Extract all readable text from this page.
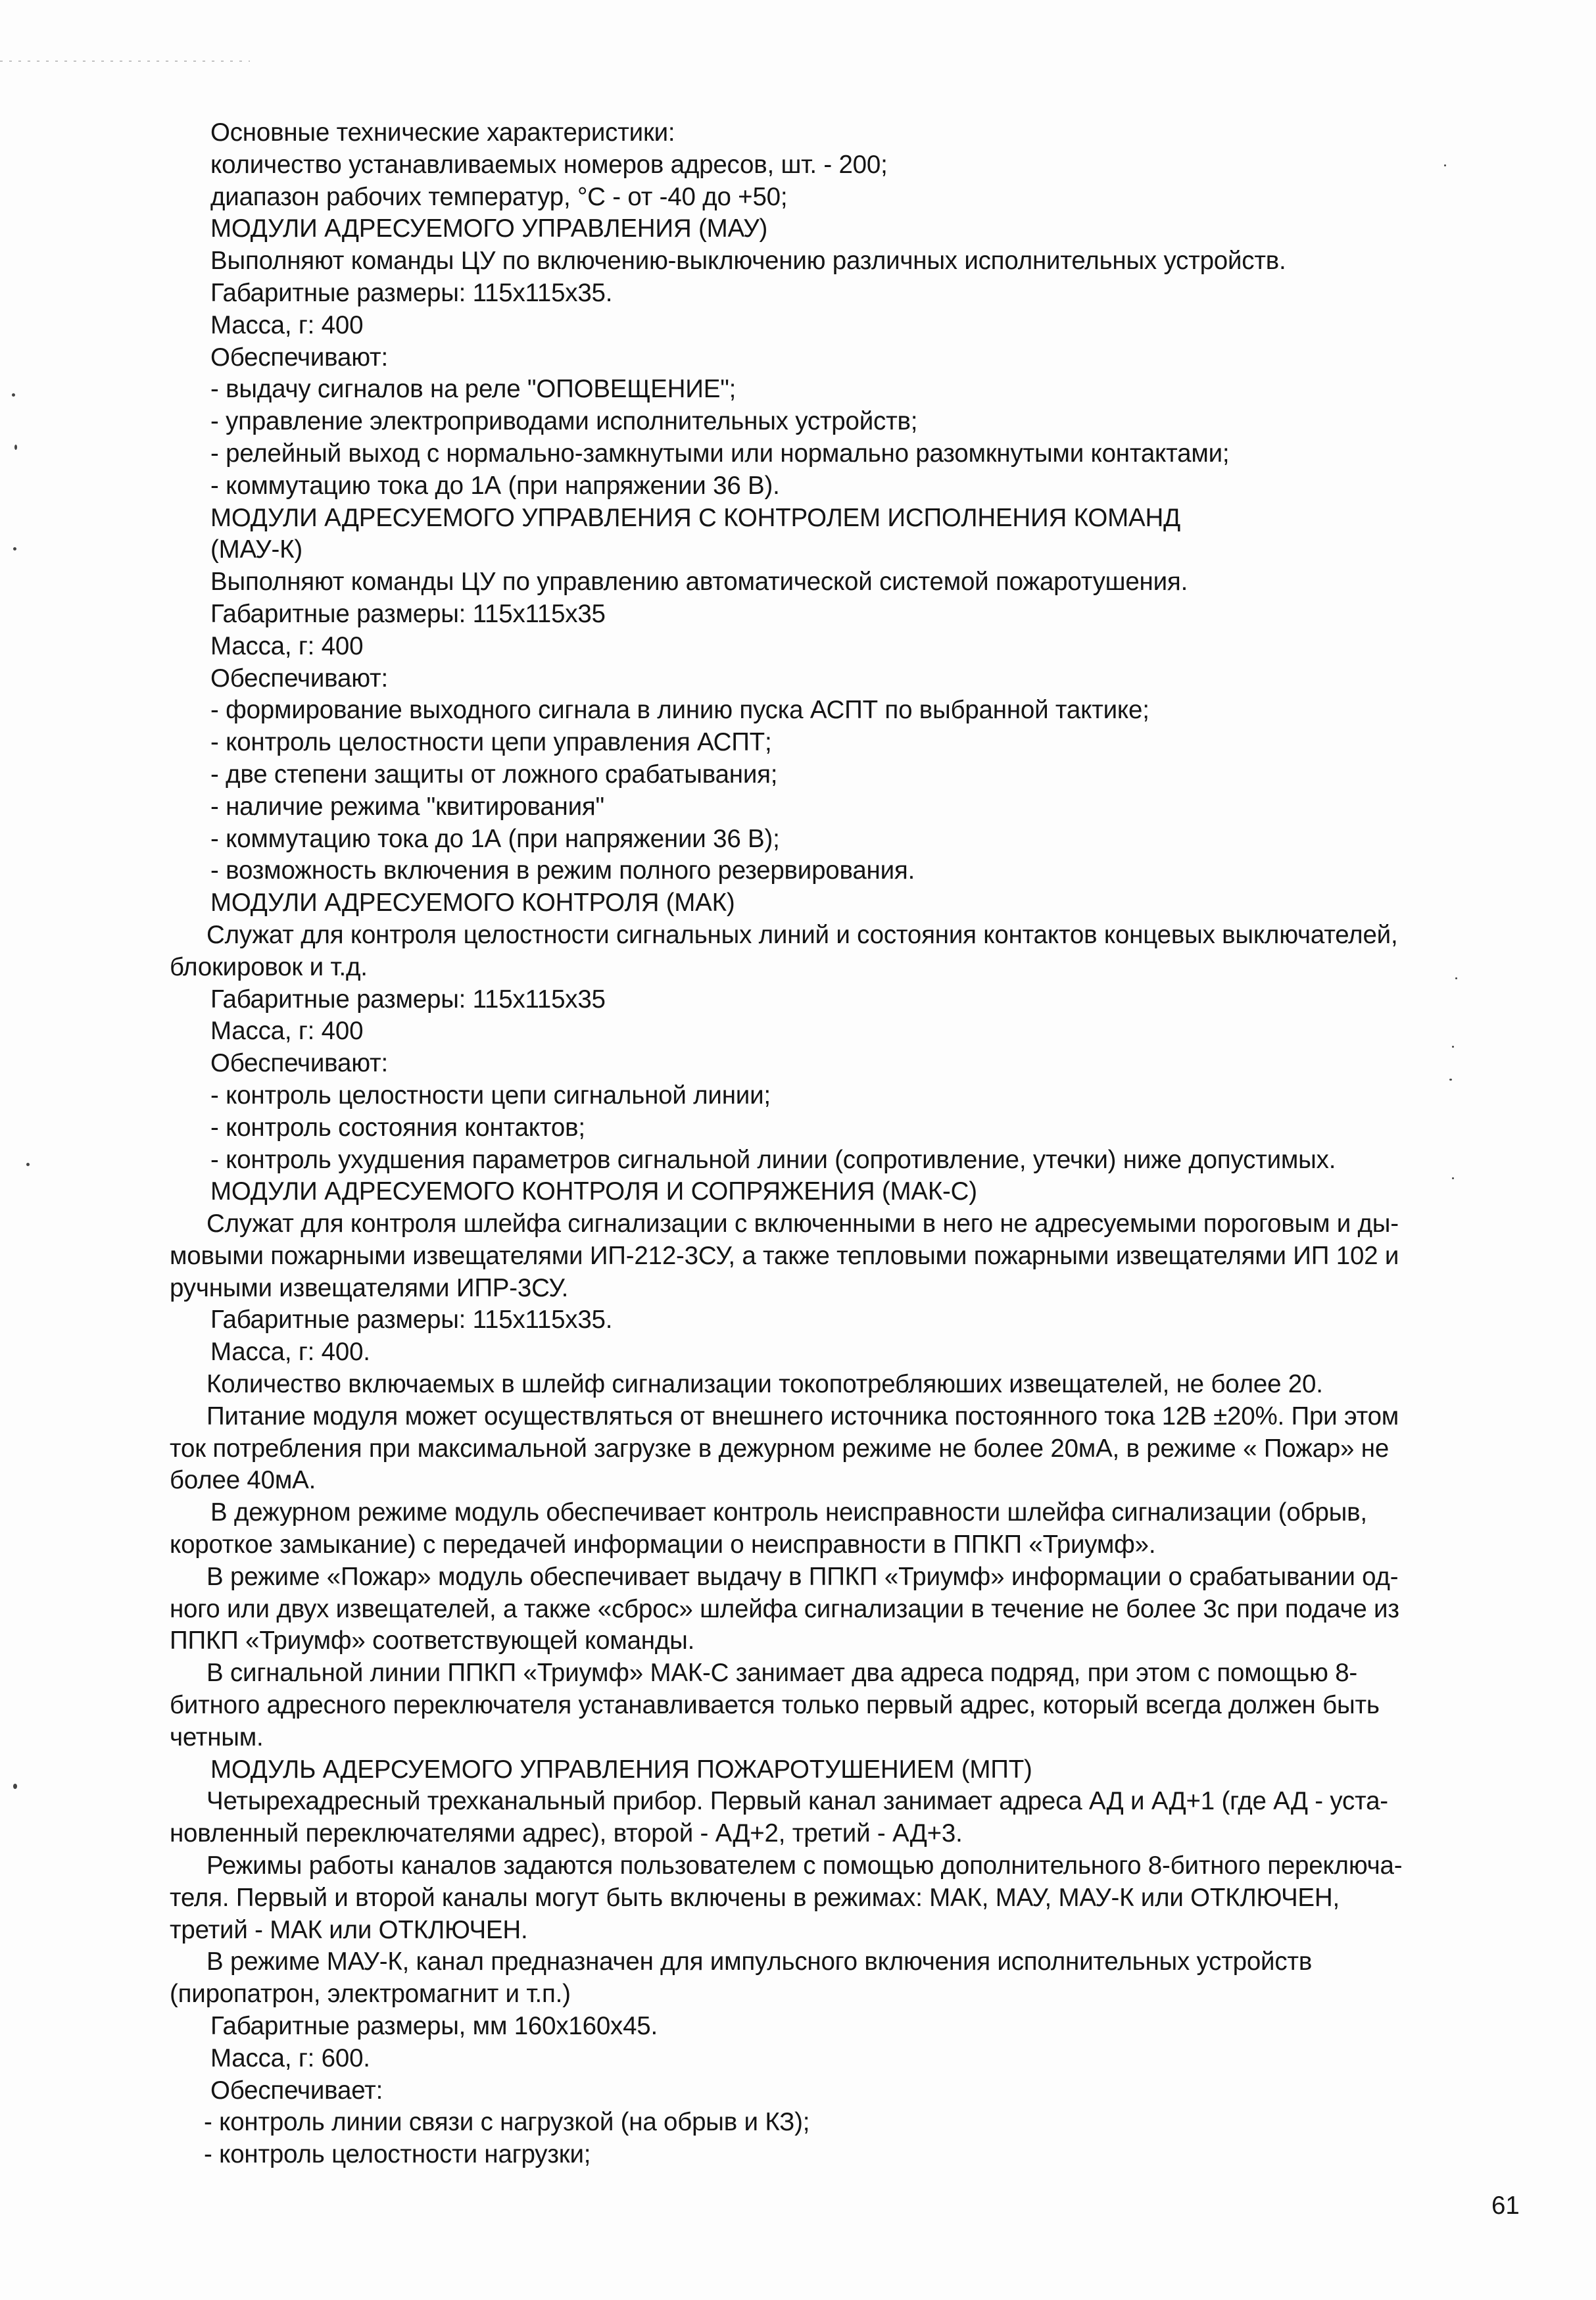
Основные технические характеристики:
количество устанавливаемых номеров адресов, шт. - 200;
диапазон рабочих температур, °С - от -40 до +50;
МОДУЛИ АДРЕСУЕМОГО УПРАВЛЕНИЯ (МАУ)
Выполняют команды ЦУ по включению-выключению различных исполнительных устройств.
Габаритные размеры: 115х115х35.
Масса, г: 400
Обеспечивают:
- выдачу сигналов на реле "ОПОВЕЩЕНИЕ";
- управление электроприводами исполнительных устройств;
- релейный выход с нормально-замкнутыми или нормально разомкнутыми контактами;
- коммутацию тока до 1А (при напряжении 36 В).
МОДУЛИ АДРЕСУЕМОГО УПРАВЛЕНИЯ С КОНТРОЛЕМ ИСПОЛНЕНИЯ КОМАНД
(МАУ-К)
Выполняют команды ЦУ по управлению автоматической системой пожаротушения.
Габаритные размеры: 115х115х35
Масса, г: 400
Обеспечивают:
- формирование выходного сигнала в линию пуска АСПТ по выбранной тактике;
- контроль целостности цепи управления АСПТ;
- две степени защиты от ложного срабатывания;
- наличие режима "квитирования"
- коммутацию тока до 1А (при напряжении 36 В);
- возможность включения в режим полного резервирования.
МОДУЛИ АДРЕСУЕМОГО КОНТРОЛЯ (МАК)
Служат для контроля целостности сигнальных линий и состояния контактов концевых выключателей,
блокировок и т.д.
Габаритные размеры: 115х115х35
Масса, г: 400
Обеспечивают:
- контроль целостности цепи сигнальной линии;
- контроль состояния контактов;
- контроль ухудшения параметров сигнальной линии (сопротивление, утечки) ниже допустимых.
МОДУЛИ АДРЕСУЕМОГО КОНТРОЛЯ И СОПРЯЖЕНИЯ (МАК-С)
Служат для контроля шлейфа сигнализации с включенными в него не адресуемыми пороговым и ды-
мовыми пожарными извещателями ИП-212-3СУ, а также тепловыми пожарными извещателями ИП 102 и
ручными извещателями ИПР-3СУ.
Габаритные размеры: 115х115х35.
Масса, г: 400.
Количество включаемых в шлейф сигнализации токопотребляюших извещателей, не более 20.
Питание модуля может осуществляться от внешнего источника постоянного тока 12В ±20%. При этом
ток потребления при максимальной загрузке в дежурном режиме не более 20мА, в режиме « Пожар» не
более 40мА.
В дежурном режиме модуль обеспечивает контроль неисправности шлейфа сигнализации (обрыв,
короткое замыкание) с передачей информации о неисправности в ППКП «Триумф».
В режиме «Пожар» модуль обеспечивает выдачу в ППКП «Триумф» информации о срабатывании од-
ного или двух извещателей, а также «сброс» шлейфа сигнализации в течение не более 3с при подаче из
ППКП «Триумф» соответствующей команды.
В сигнальной линии ППКП «Триумф» МАК-С занимает два адреса подряд, при этом с помощью 8-
битного адресного переключателя устанавливается только первый адрес, который всегда должен быть
четным.
МОДУЛЬ АДЕРСУЕМОГО УПРАВЛЕНИЯ ПОЖАРОТУШЕНИЕМ (МПТ)
Четырехадресный трехканальный прибор. Первый канал занимает адреса АД и АД+1 (где АД - уста-
новленный переключателями адрес), второй - АД+2, третий - АД+3.
Режимы работы каналов задаются пользователем с помощью дополнительного 8-битного переключа-
теля. Первый и второй каналы могут быть включены в режимах: МАК, МАУ, МАУ-К или ОТКЛЮЧЕН,
третий - МАК или ОТКЛЮЧЕН.
В режиме МАУ-К, канал предназначен для импульсного включения исполнительных устройств
(пиропатрон, электромагнит и т.п.)
Габаритные размеры, мм 160х160х45.
Масса, г: 600.
Обеспечивает:
- контроль линии связи с нагрузкой (на обрыв и КЗ);
- контроль целостности нагрузки;
61
